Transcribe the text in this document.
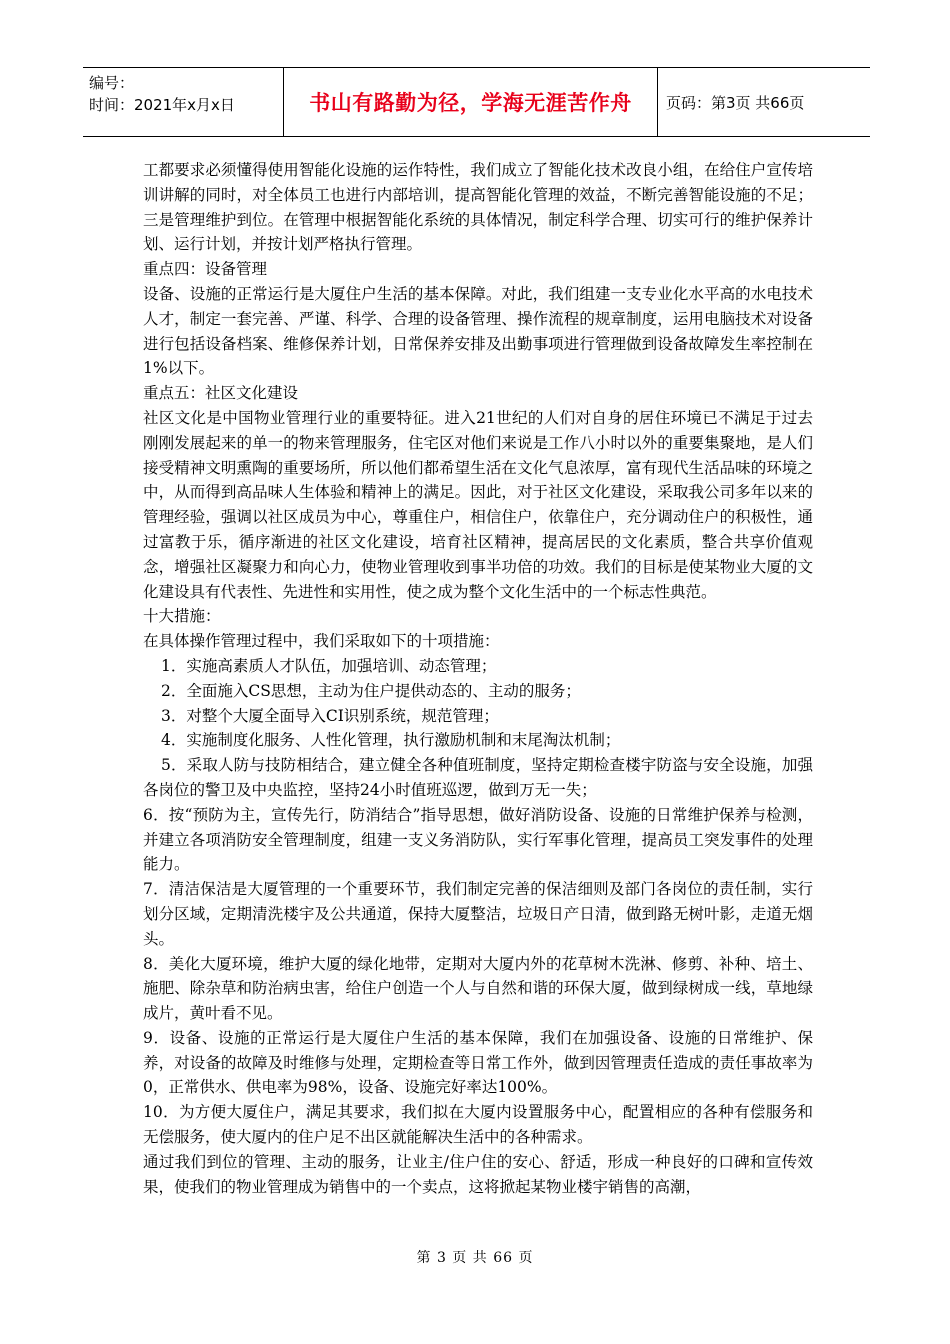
编号：
时间：2021年x月x日	书山有路勤为径，学海无涯苦作舟	页码：第3页 共66页

工都要求必须懂得使用智能化设施的运作特性，我们成立了智能化技术改良小组，在给住户宣传培训讲解的同时，对全体员工也进行内部培训，提高智能化管理的效益，不断完善智能设施的不足；三是管理维护到位。在管理中根据智能化系统的具体情况，制定科学合理、切实可行的维护保养计划、运行计划，并按计划严格执行管理。

重点四：设备管理

设备、设施的正常运行是大厦住户生活的基本保障。对此，我们组建一支专业化水平高的水电技术人才，制定一套完善、严谨、科学、合理的设备管理、操作流程的规章制度，运用电脑技术对设备进行包括设备档案、维修保养计划，日常保养安排及出勤事项进行管理做到设备故障发生率控制在1%以下。

重点五：社区文化建设

社区文化是中国物业管理行业的重要特征。进入21世纪的人们对自身的居住环境已不满足于过去刚刚发展起来的单一的物来管理服务，住宅区对他们来说是工作八小时以外的重要集聚地，是人们接受精神文明熏陶的重要场所，所以他们都希望生活在文化气息浓厚，富有现代生活品味的环境之中，从而得到高品味人生体验和精神上的满足。因此，对于社区文化建设，采取我公司多年以来的管理经验，强调以社区成员为中心，尊重住户，相信住户，依靠住户，充分调动住户的积极性，通过富教于乐，循序渐进的社区文化建设，培育社区精神，提高居民的文化素质，整合共享价值观念，增强社区凝聚力和向心力，使物业管理收到事半功倍的功效。我们的目标是使某物业大厦的文化建设具有代表性、先进性和实用性，使之成为整个文化生活中的一个标志性典范。

十大措施：

在具体操作管理过程中，我们采取如下的十项措施：

1．实施高素质人才队伍，加强培训、动态管理；

2．全面施入CS思想，主动为住户提供动态的、主动的服务；

3．对整个大厦全面导入CI识别系统，规范管理；

4．实施制度化服务、人性化管理，执行激励机制和末尾淘汰机制；

5．采取人防与技防相结合，建立健全各种值班制度，坚持定期检查楼宇防盗与安全设施，加强各岗位的警卫及中央监控，坚持24小时值班巡逻，做到万无一失；

6．按“预防为主，宣传先行，防消结合”指导思想，做好消防设备、设施的日常维护保养与检测，并建立各项消防安全管理制度，组建一支义务消防队，实行军事化管理，提高员工突发事件的处理能力。

7．清洁保洁是大厦管理的一个重要环节，我们制定完善的保洁细则及部门各岗位的责任制，实行划分区域，定期清洗楼宇及公共通道，保持大厦整洁，垃圾日产日清，做到路无树叶影，走道无烟头。

8．美化大厦环境，维护大厦的绿化地带，定期对大厦内外的花草树木洗淋、修剪、补种、培土、施肥、除杂草和防治病虫害，给住户创造一个人与自然和谐的环保大厦，做到绿树成一线，草地绿成片，黄叶看不见。

9．设备、设施的正常运行是大厦住户生活的基本保障，我们在加强设备、设施的日常维护、保养，对设备的故障及时维修与处理，定期检查等日常工作外，做到因管理责任造成的责任事故率为0，正常供水、供电率为98%，设备、设施完好率达100%。

10．为方便大厦住户，满足其要求，我们拟在大厦内设置服务中心，配置相应的各种有偿服务和无偿服务，使大厦内的住户足不出区就能解决生活中的各种需求。

通过我们到位的管理、主动的服务，让业主/住户住的安心、舒适，形成一种良好的口碑和宣传效果，使我们的物业管理成为销售中的一个卖点，这将掀起某物业楼宇销售的高潮，

第 3 页 共 66 页
